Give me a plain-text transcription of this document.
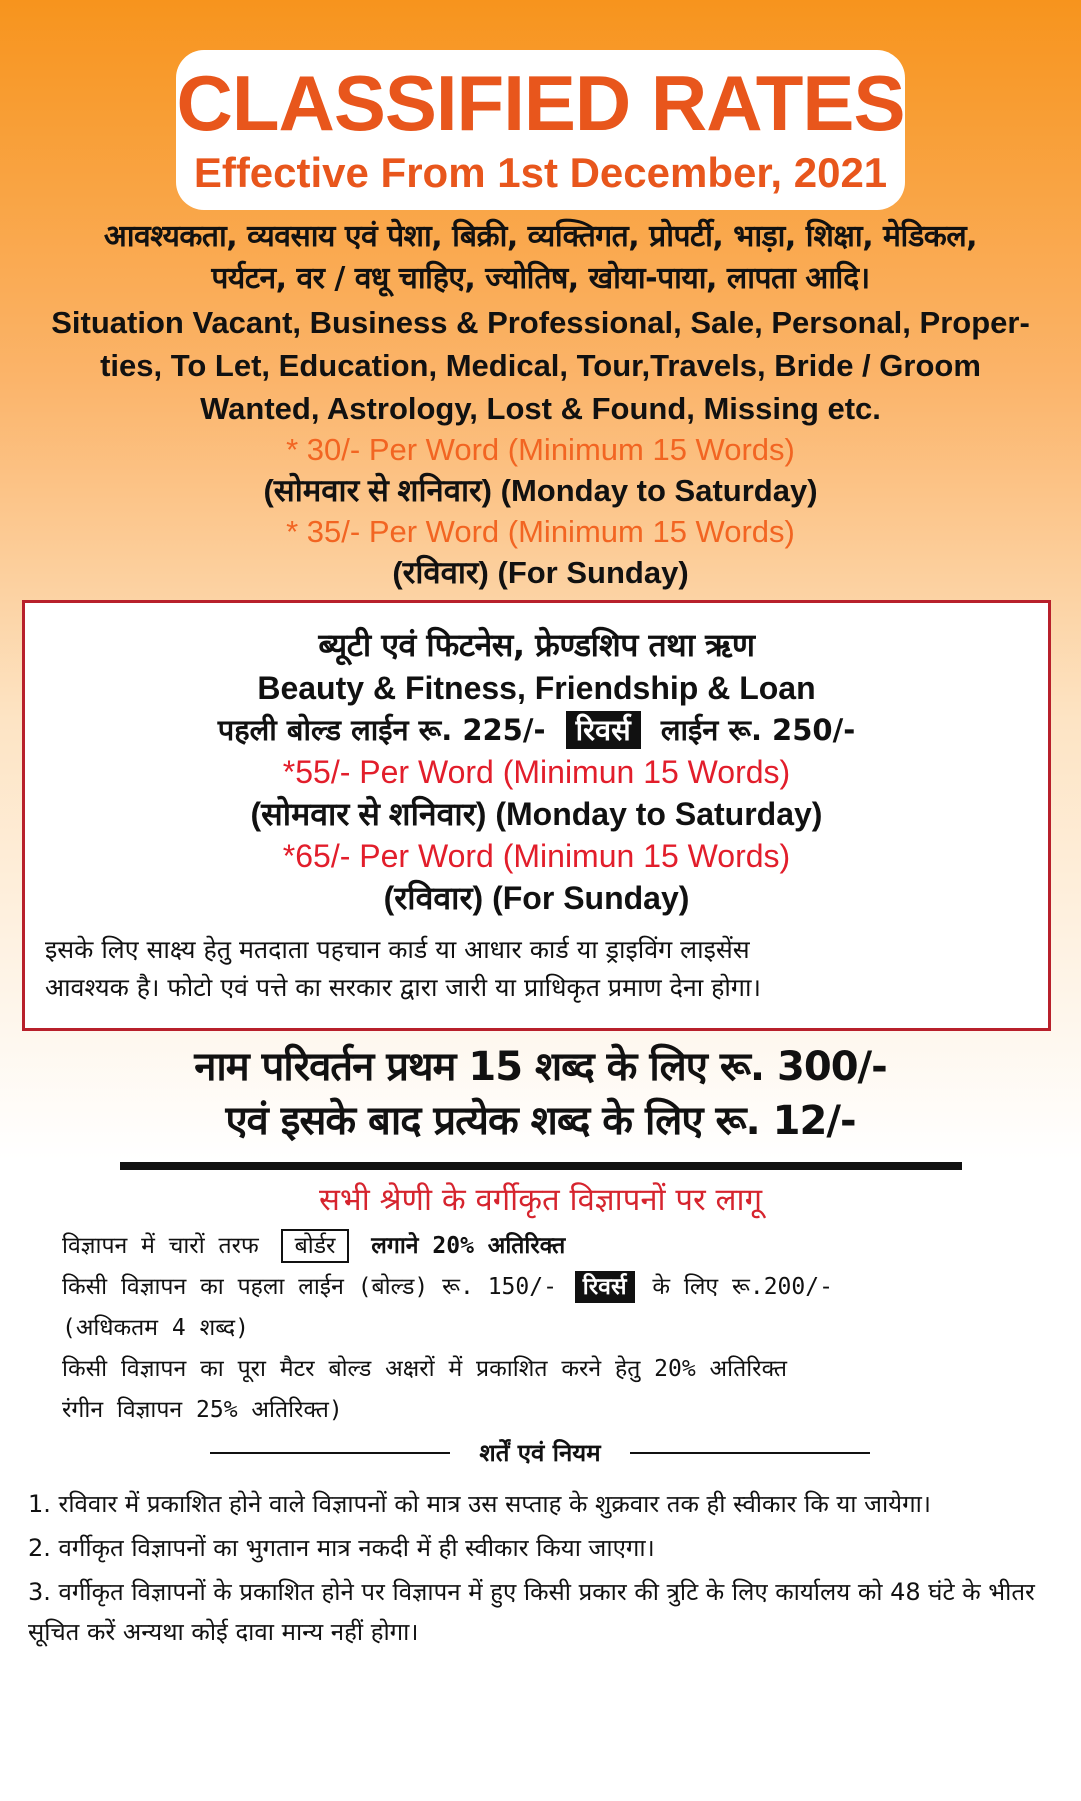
CLASSIFIED RATES
Effective From 1st December, 2021
आवश्यकता, व्यवसाय एवं पेशा, बिक्री, व्यक्तिगत, प्रोपर्टी, भाड़ा, शिक्षा, मेडिकल,
पर्यटन, वर / वधू चाहिए, ज्योतिष, खोया-पाया, लापता आदि।
Situation Vacant, Business & Professional, Sale, Personal, Proper-
ties, To Let, Education, Medical, Tour,Travels, Bride / Groom
Wanted, Astrology, Lost & Found, Missing etc.
* 30/- Per Word (Minimum 15 Words)
(सोमवार से शनिवार) (Monday to Saturday)
* 35/- Per Word (Minimum 15 Words)
(रविवार) (For Sunday)
ब्यूटी एवं फिटनेस, फ्रेण्डशिप तथा ऋण
Beauty & Fitness, Friendship & Loan
पहली बोल्ड लाईन रू. 225/- रिवर्स लाईन रू. 250/-
*55/- Per Word (Minimun 15 Words)
(सोमवार से शनिवार) (Monday to Saturday)
*65/- Per Word (Minimun 15 Words)
(रविवार) (For Sunday)
इसके लिए साक्ष्य हेतु मतदाता पहचान कार्ड या आधार कार्ड या ड्राइविंग लाइसेंस
आवश्यक है। फोटो एवं पत्ते का सरकार द्वारा जारी या प्राधिकृत प्रमाण देना होगा।
नाम परिवर्तन प्रथम 15 शब्द के लिए रू. 300/-
एवं इसके बाद प्रत्येक शब्द के लिए रू. 12/-
सभी श्रेणी के वर्गीकृत विज्ञापनों पर लागू
विज्ञापन में चारों तरफ बोर्डर लगाने 20% अतिरिक्त
किसी विज्ञापन का पहला लाईन (बोल्ड) रू. 150/- रिवर्स के लिए रू.200/-
(अधिकतम 4 शब्द)
किसी विज्ञापन का पूरा मैटर बोल्ड अक्षरों में प्रकाशित करने हेतु 20% अतिरिक्त
रंगीन विज्ञापन 25% अतिरिक्त)
शर्तें एवं नियम
1. रविवार में प्रकाशित होने वाले विज्ञापनों को मात्र उस सप्ताह के शुक्रवार तक ही स्वीकार कि या जायेगा।
2. वर्गीकृत विज्ञापनों का भुगतान मात्र नकदी में ही स्वीकार किया जाएगा।
3. वर्गीकृत विज्ञापनों के प्रकाशित होने पर विज्ञापन में हुए किसी प्रकार की त्रुटि के लिए कार्यालय को 48 घंटे के भीतर सूचित करें अन्यथा कोई दावा मान्य नहीं होगा।
